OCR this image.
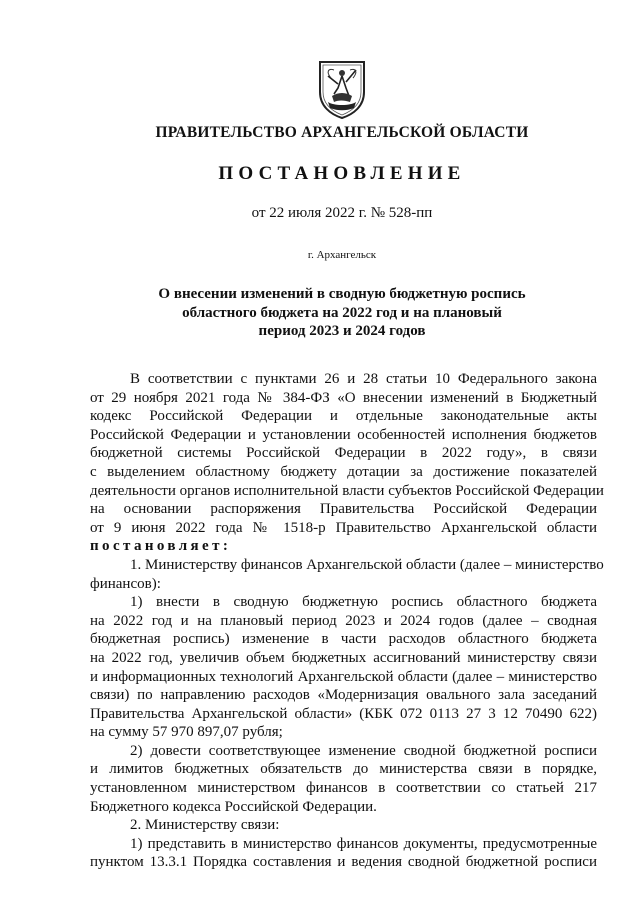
ПРАВИТЕЛЬСТВО АРХАНГЕЛЬСКОЙ ОБЛАСТИ
ПОСТАНОВЛЕНИЕ
от 22 июля 2022 г. № 528-пп
г. Архангельск
О внесении изменений в сводную бюджетную роспись
областного бюджета на 2022 год и на плановый
период 2023 и 2024 годов
В соответствии с пунктами 26 и 28 статьи 10 Федерального закона
от 29 ноября 2021 года № 384-ФЗ «О внесении изменений в Бюджетный
кодекс Российской Федерации и отдельные законодательные акты
Российской Федерации и установлении особенностей исполнения бюджетов
бюджетной системы Российской Федерации в 2022 году», в связи
с выделением областному бюджету дотации за достижение показателей
деятельности органов исполнительной власти субъектов Российской Федерации
на основании распоряжения Правительства Российской Федерации
от 9 июня 2022 года № 1518-р Правительство Архангельской области
постановляет:
1. Министерству финансов Архангельской области (далее – министерство
финансов):
1) внести в сводную бюджетную роспись областного бюджета
на 2022 год и на плановый период 2023 и 2024 годов (далее – сводная
бюджетная роспись) изменение в части расходов областного бюджета
на 2022 год, увеличив объем бюджетных ассигнований министерству связи
и информационных технологий Архангельской области (далее – министерство
связи) по направлению расходов «Модернизация овального зала заседаний
Правительства Архангельской области» (КБК 072 0113 27 3 12 70490 622)
на сумму 57 970 897,07 рубля;
2) довести соответствующее изменение сводной бюджетной росписи
и лимитов бюджетных обязательств до министерства связи в порядке,
установленном министерством финансов в соответствии со статьей 217
Бюджетного кодекса Российской Федерации.
2. Министерству связи:
1) представить в министерство финансов документы, предусмотренные
пунктом 13.3.1 Порядка составления и ведения сводной бюджетной росписи
